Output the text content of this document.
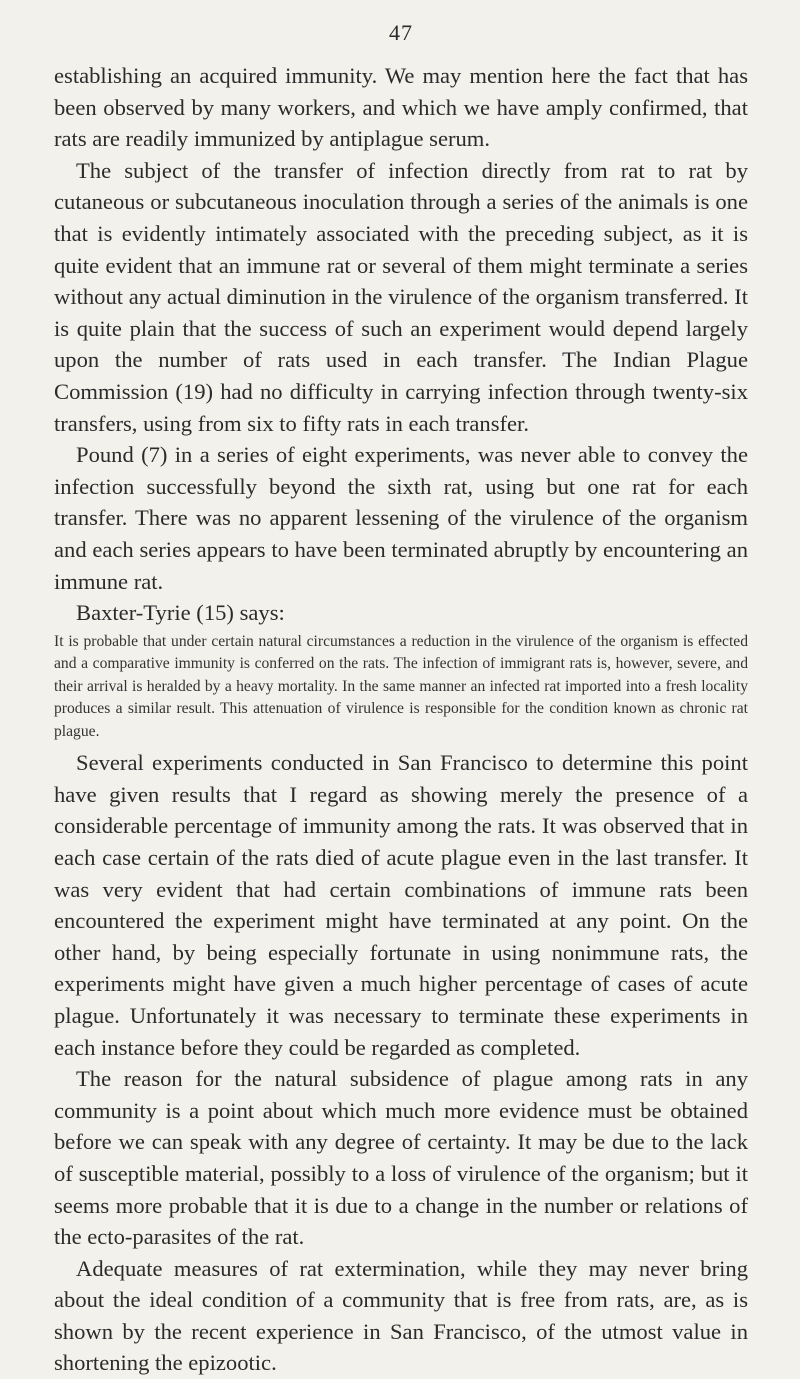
47

establishing an acquired immunity. We may mention here the fact that has been observed by many workers, and which we have amply confirmed, that rats are readily immunized by antiplague serum.

The subject of the transfer of infection directly from rat to rat by cutaneous or subcutaneous inoculation through a series of the animals is one that is evidently intimately associated with the preceding subject, as it is quite evident that an immune rat or several of them might terminate a series without any actual diminution in the virulence of the organism transferred. It is quite plain that the success of such an experiment would depend largely upon the number of rats used in each transfer. The Indian Plague Commission (19) had no difficulty in carrying infection through twenty-six transfers, using from six to fifty rats in each transfer.

Pound (7) in a series of eight experiments, was never able to convey the infection successfully beyond the sixth rat, using but one rat for each transfer. There was no apparent lessening of the virulence of the organism and each series appears to have been terminated abruptly by encountering an immune rat.

Baxter-Tyrie (15) says:

It is probable that under certain natural circumstances a reduction in the virulence of the organism is effected and a comparative immunity is conferred on the rats. The infection of immigrant rats is, however, severe, and their arrival is heralded by a heavy mortality. In the same manner an infected rat imported into a fresh locality produces a similar result. This attenuation of virulence is responsible for the condition known as chronic rat plague.

Several experiments conducted in San Francisco to determine this point have given results that I regard as showing merely the presence of a considerable percentage of immunity among the rats. It was observed that in each case certain of the rats died of acute plague even in the last transfer. It was very evident that had certain combinations of immune rats been encountered the experiment might have terminated at any point. On the other hand, by being especially fortunate in using nonimmune rats, the experiments might have given a much higher percentage of cases of acute plague. Unfortunately it was necessary to terminate these experiments in each instance before they could be regarded as completed.

The reason for the natural subsidence of plague among rats in any community is a point about which much more evidence must be obtained before we can speak with any degree of certainty. It may be due to the lack of susceptible material, possibly to a loss of virulence of the organism; but it seems more probable that it is due to a change in the number or relations of the ecto-parasites of the rat.

Adequate measures of rat extermination, while they may never bring about the ideal condition of a community that is free from rats, are, as is shown by the recent experience in San Francisco, of the utmost value in shortening the epizootic.
